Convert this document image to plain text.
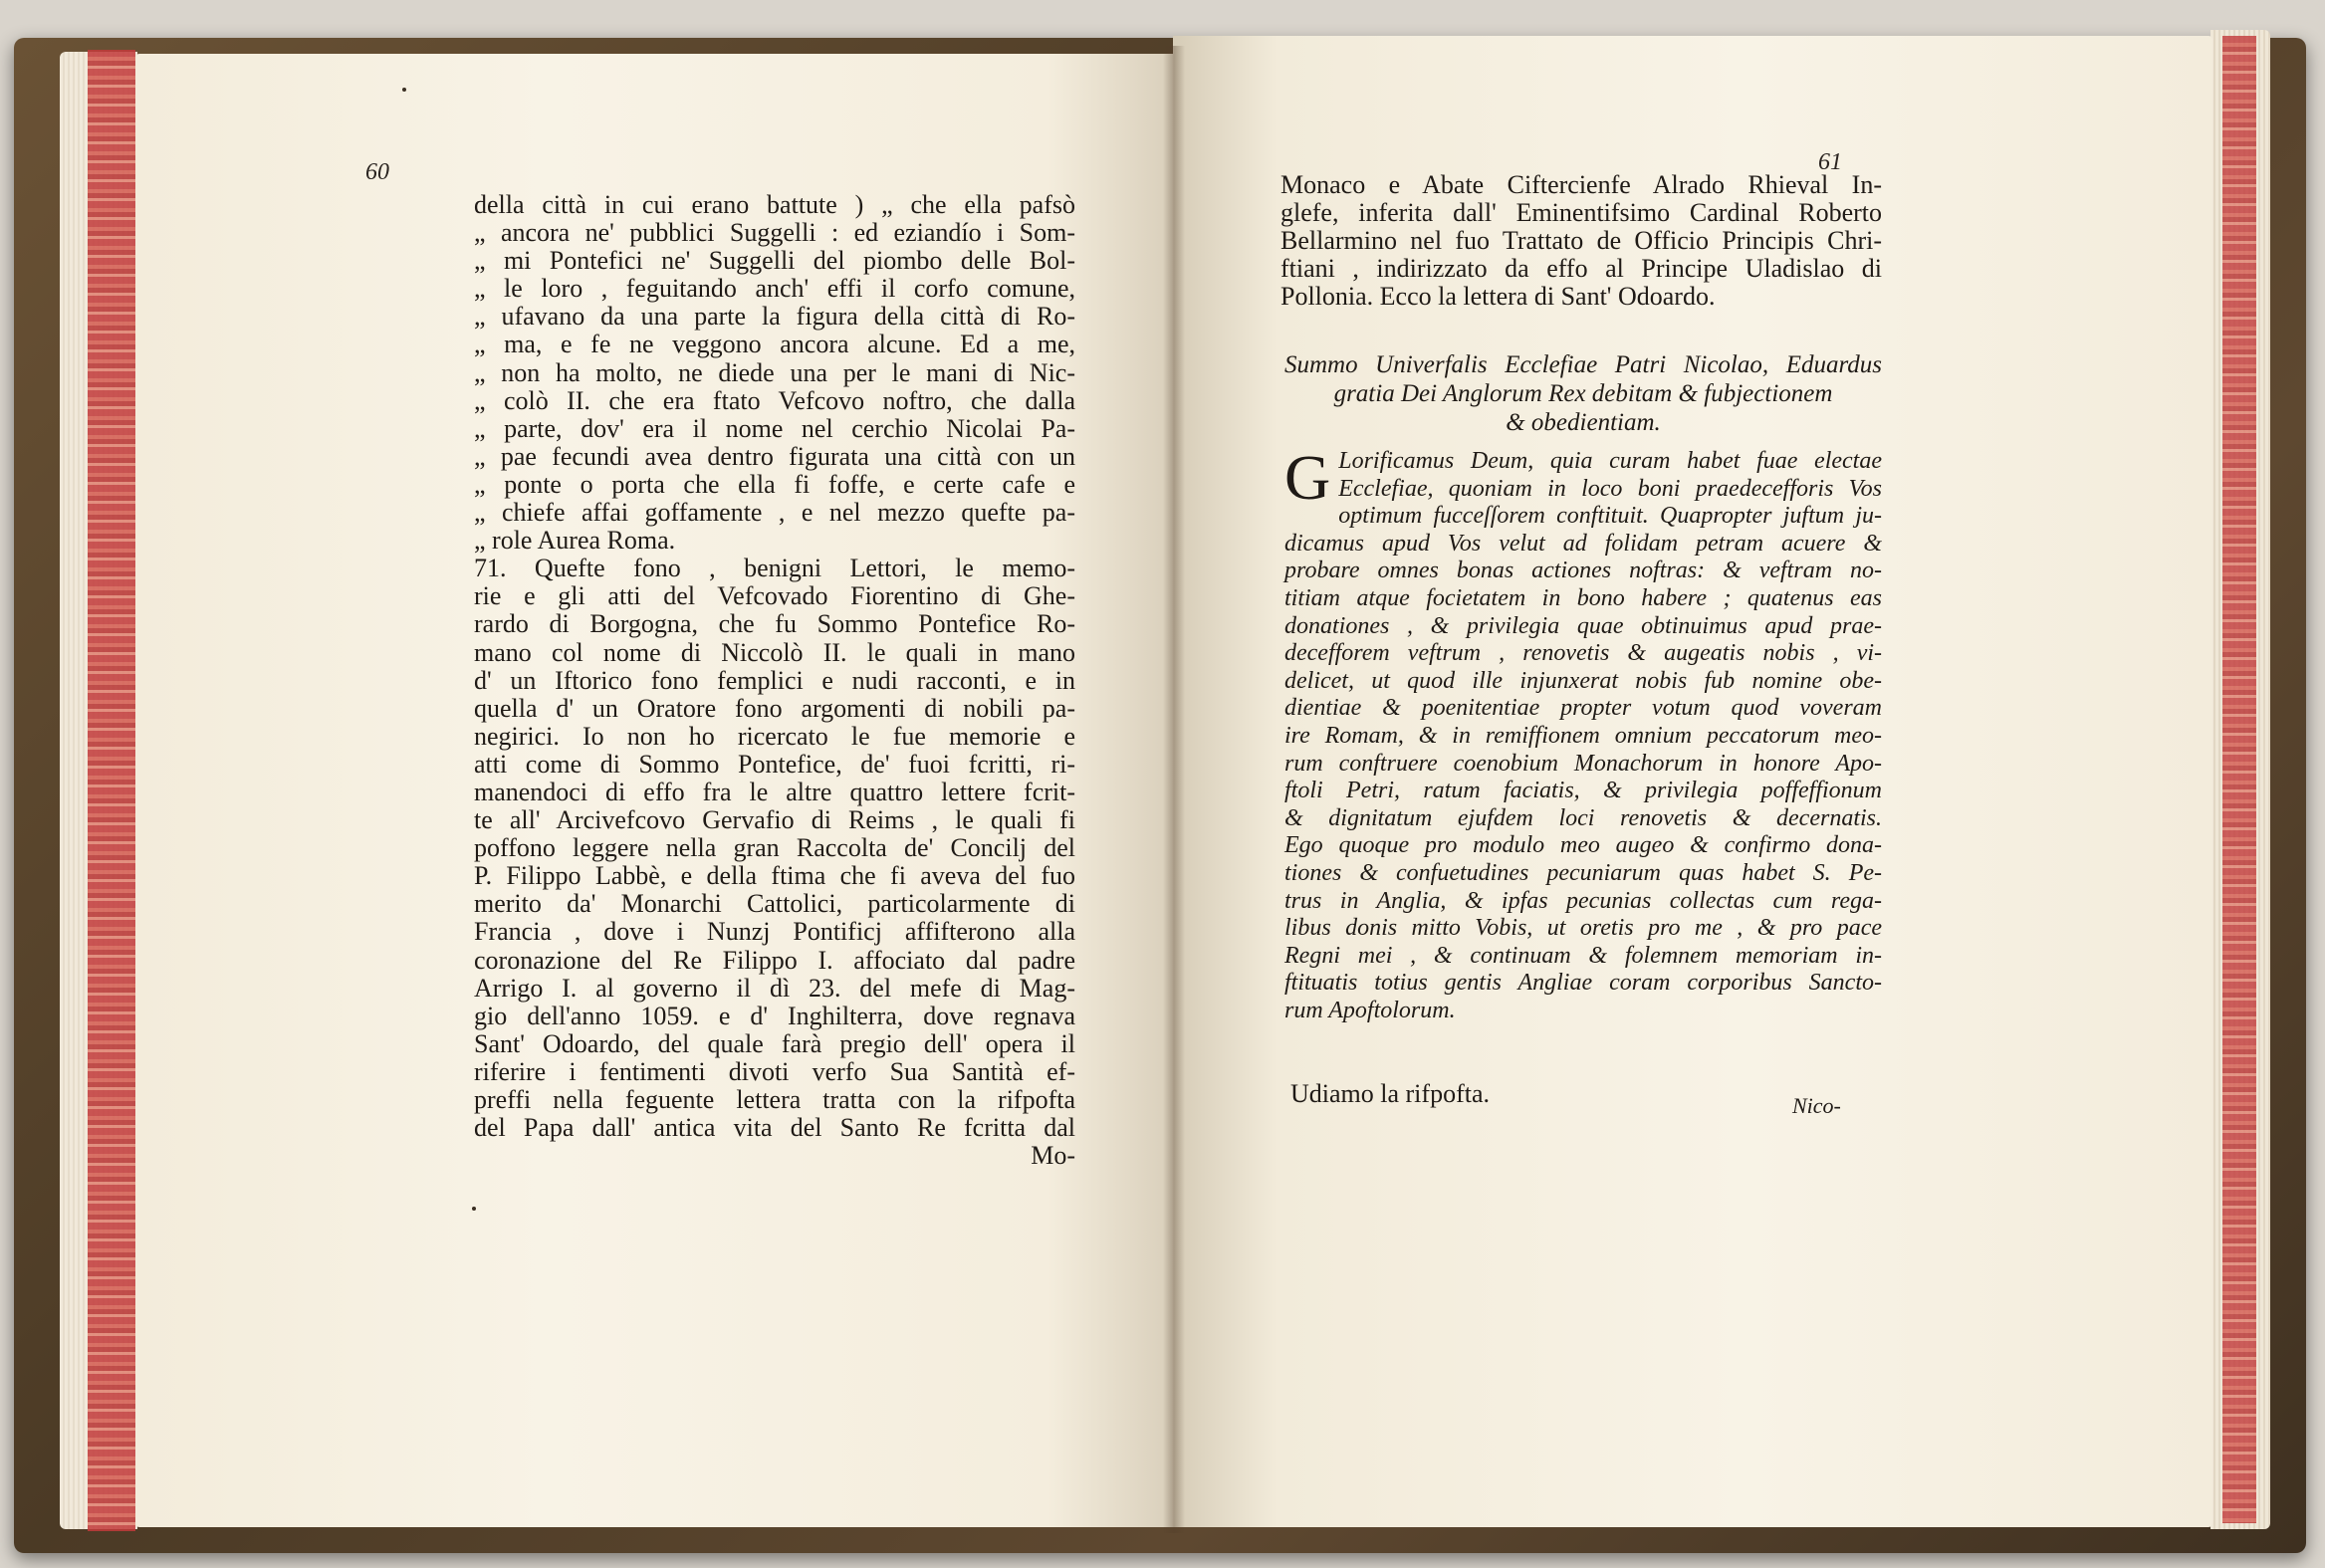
60	61
della città in cui erano battute ) „ che ella pafsò
„ ancora ne' pubblici Suggelli : ed eziandío i Som-
„ mi Pontefici ne' Suggelli del piombo delle Bol-
„ le loro , feguitando anch' effi il corfo comune,
„ ufavano da una parte la figura della città di Ro-
„ ma, e fe ne veggono ancora alcune. Ed a me,
„ non ha molto, ne diede una per le mani di Nic-
„ colò II. che era ftato Vefcovo noftro, che dalla
„ parte, dov' era il nome nel cerchio Nicolai Pa-
„ pae fecundi avea dentro figurata una città con un
„ ponte o porta che ella fi foffe, e certe cafe e
„ chiefe affai goffamente , e nel mezzo quefte pa-
„ role Aurea Roma.
71. Quefte fono , benigni Lettori, le memo-
rie e gli atti del Vefcovado Fiorentino di Ghe-
rardo di Borgogna, che fu Sommo Pontefice Ro-
mano col nome di Niccolò II. le quali in mano
d' un Iftorico fono femplici e nudi racconti, e in
quella d' un Oratore fono argomenti di nobili pa-
negirici. Io non ho ricercato le fue memorie e
atti come di Sommo Pontefice, de' fuoi fcritti, ri-
manendoci di effo fra le altre quattro lettere fcrit-
te all' Arcivefcovo Gervafio di Reims , le quali fi
poffono leggere nella gran Raccolta de' Concilj del
P. Filippo Labbè, e della ftima che fi aveva del fuo
merito da' Monarchi Cattolici, particolarmente di
Francia , dove i Nunzj Pontificj affifterono alla
coronazione del Re Filippo I. affociato dal padre
Arrigo I. al governo il dì 23. del mefe di Mag-
gio dell'anno 1059. e d' Inghilterra, dove regnava
Sant' Odoardo, del quale farà pregio dell' opera il
riferire i fentimenti divoti verfo Sua Santità ef-
preffi nella feguente lettera tratta con la rifpofta
del Papa dall' antica vita del Santo Re fcritta dal
Mo-
Monaco e Abate Ciftercienfe Alrado Rhieval In-
glefe, inferita dall' Eminentifsimo Cardinal Roberto
Bellarmino nel fuo Trattato de Officio Principis Chri-
ftiani , indirizzato da effo al Principe Uladislao di
Pollonia. Ecco la lettera di Sant' Odoardo.
Summo Univerfalis Ecclefiae Patri Nicolao, Eduardus
gratia Dei Anglorum Rex debitam & fubjectionem
& obedientiam.
G Lorificamus Deum, quia curam habet fuae electae
Ecclefiae, quoniam in loco boni praedecefforis Vos
optimum fucceſſorem conftituit. Quapropter juftum ju-
dicamus apud Vos velut ad folidam petram acuere &
probare omnes bonas actiones noftras: & veftram no-
titiam atque focietatem in bono habere ; quatenus eas
donationes , & privilegia quae obtinuimus apud prae-
decefforem veftrum , renovetis & augeatis nobis , vi-
delicet, ut quod ille injunxerat nobis fub nomine obe-
dientiae & poenitentiae propter votum quod voveram
ire Romam, & in remiffionem omnium peccatorum meo-
rum conftruere coenobium Monachorum in honore Apo-
ftoli Petri, ratum faciatis, & privilegia poffeffionum
& dignitatum ejufdem loci renovetis & decernatis.
Ego quoque pro modulo meo augeo & confirmo dona-
tiones & confuetudines pecuniarum quas habet S. Pe-
trus in Anglia, & ipfas pecunias collectas cum rega-
libus donis mitto Vobis, ut oretis pro me , & pro pace
Regni mei , & continuam & folemnem memoriam in-
ftituatis totius gentis Angliae coram corporibus Sancto-
rum Apoftolorum.
Udiamo la rifpofta.	Nico-
